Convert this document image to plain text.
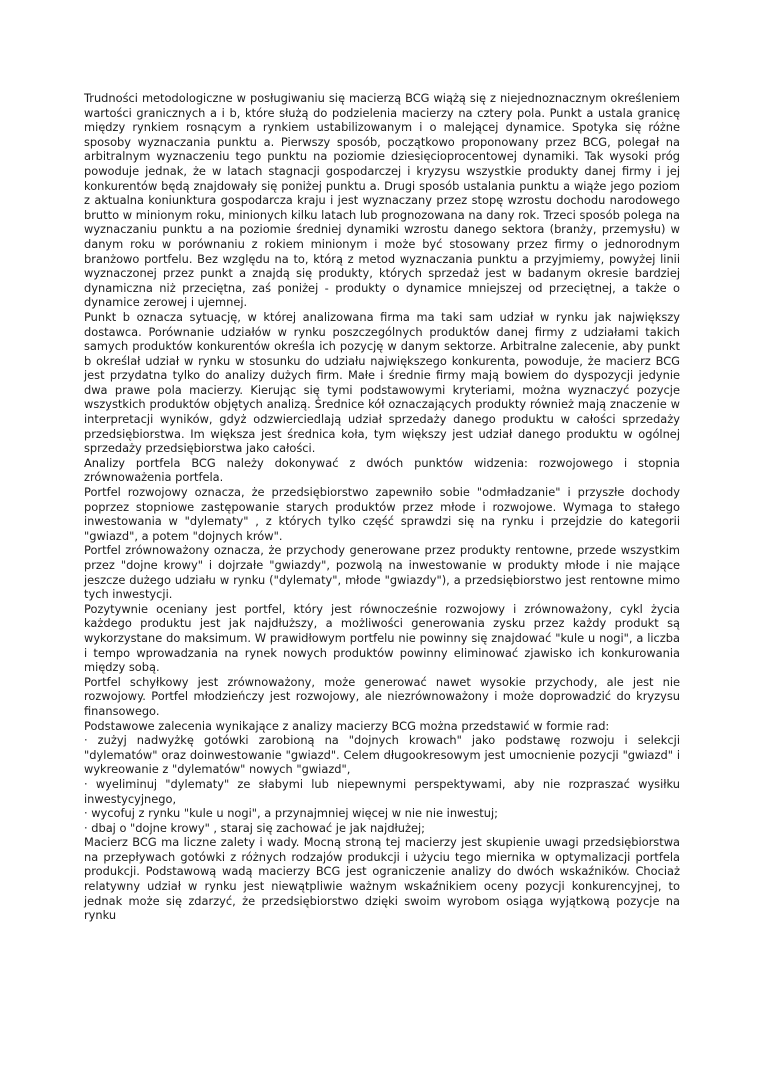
Trudności metodologiczne w posługiwaniu się macierzą BCG wiążą się z niejednoznacznym określeniem wartości granicznych a i b, które służą do podzielenia macierzy na cztery pola. Punkt a ustala granicę między rynkiem rosnącym a rynkiem ustabilizowanym i o malejącej dynamice. Spotyka się różne sposoby wyznaczania punktu a. Pierwszy sposób, początkowo proponowany przez BCG, polegał na arbitralnym wyznaczeniu tego punktu na poziomie dziesięcioprocentowej dynamiki. Tak wysoki próg powoduje jednak, że w latach stagnacji gospodarczej i kryzysu wszystkie produkty danej firmy i jej konkurentów będą znajdowały się poniżej punktu a. Drugi sposób ustalania punktu a wiąże jego poziom z aktualna koniunktura gospodarcza kraju i jest wyznaczany przez stopę wzrostu dochodu narodowego brutto w minionym roku, minionych kilku latach lub prognozowana na dany rok. Trzeci sposób polega na wyznaczaniu punktu a na poziomie średniej dynamiki wzrostu danego sektora (branży, przemysłu) w danym roku w porównaniu z rokiem minionym i może być stosowany przez firmy o jednorodnym branżowo portfelu. Bez względu na to, którą z metod wyznaczania punktu a przyjmiemy, powyżej linii wyznaczonej przez punkt a znajdą się produkty, których sprzedaż jest w badanym okresie bardziej dynamiczna niż przeciętna, zaś poniżej - produkty o dynamice mniejszej od przeciętnej, a także o dynamice zerowej i ujemnej.

Punkt b oznacza sytuację, w której analizowana firma ma taki sam udział w rynku jak największy dostawca. Porównanie udziałów w rynku poszczególnych produktów danej firmy z udziałami takich samych produktów konkurentów określa ich pozycję w danym sektorze. Arbitralne zalecenie, aby punkt b określał udział w rynku w stosunku do udziału największego konkurenta, powoduje, że macierz BCG jest przydatna tylko do analizy dużych firm. Małe i średnie firmy mają bowiem do dyspozycji jedynie dwa prawe pola macierzy. Kierując się tymi podstawowymi kryteriami, można wyznaczyć pozycje wszystkich produktów objętych analizą. Średnice kół oznaczających produkty również mają znaczenie w interpretacji wyników, gdyż odzwierciedlają udział sprzedaży danego produktu w całości sprzedaży przedsiębiorstwa. Im większa jest średnica koła, tym większy jest udział danego produktu w ogólnej sprzedaży przedsiębiorstwa jako całości.

Analizy portfela BCG należy dokonywać z dwóch punktów widzenia: rozwojowego i stopnia zrównoważenia portfela.

Portfel rozwojowy oznacza, że przedsiębiorstwo zapewniło sobie "odmładzanie" i przyszłe dochody poprzez stopniowe zastępowanie starych produktów przez młode i rozwojowe. Wymaga to stałego inwestowania w "dylematy" , z których tylko część sprawdzi się na rynku i przejdzie do kategorii "gwiazd", a potem "dojnych krów".

Portfel zrównoważony oznacza, że przychody generowane przez produkty rentowne, przede wszystkim przez "dojne krowy" i dojrzałe "gwiazdy", pozwolą na inwestowanie w produkty młode i nie mające jeszcze dużego udziału w rynku ("dylematy", młode "gwiazdy"), a przedsiębiorstwo jest rentowne mimo tych inwestycji.

Pozytywnie oceniany jest portfel, który jest równocześnie rozwojowy i zrównoważony, cykl życia każdego produktu jest jak najdłuższy, a możliwości generowania zysku przez każdy produkt są wykorzystane do maksimum. W prawidłowym portfelu nie powinny się znajdować "kule u nogi", a liczba i tempo wprowadzania na rynek nowych produktów powinny eliminować zjawisko ich konkurowania między sobą.

Portfel schyłkowy jest zrównoważony, może generować nawet wysokie przychody, ale jest nie rozwojowy. Portfel młodzieńczy jest rozwojowy, ale niezrównoważony i może doprowadzić do kryzysu finansowego.

Podstawowe zalecenia wynikające z analizy macierzy BCG można przedstawić w formie rad:

· zużyj nadwyżkę gotówki zarobioną na "dojnych krowach" jako podstawę rozwoju i selekcji "dylematów" oraz doinwestowanie "gwiazd". Celem długookresowym jest umocnienie pozycji "gwiazd" i wykreowanie z "dylematów" nowych "gwiazd",

· wyeliminuj "dylematy" ze słabymi lub niepewnymi perspektywami, aby nie rozpraszać wysiłku inwestycyjnego,

· wycofuj z rynku "kule u nogi", a przynajmniej więcej w nie nie inwestuj;

· dbaj o "dojne krowy" , staraj się zachować je jak najdłużej;

Macierz BCG ma liczne zalety i wady. Mocną stroną tej macierzy jest skupienie uwagi przedsiębiorstwa na przepływach gotówki z różnych rodzajów produkcji i użyciu tego miernika w optymalizacji portfela produkcji. Podstawową wadą macierzy BCG jest ograniczenie analizy do dwóch wskaźników. Chociaż relatywny udział w rynku jest niewątpliwie ważnym wskaźnikiem oceny pozycji konkurencyjnej, to jednak może się zdarzyć, że przedsiębiorstwo dzięki swoim wyrobom osiąga wyjątkową pozycje na rynku
